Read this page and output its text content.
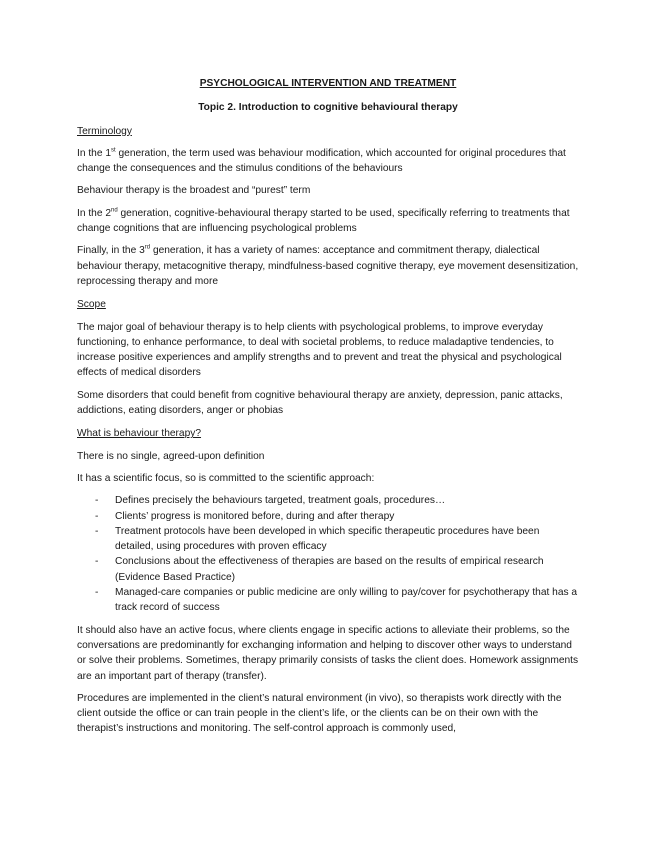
PSYCHOLOGICAL INTERVENTION AND TREATMENT
Topic 2. Introduction to cognitive behavioural therapy
Terminology

In the 1st generation, the term used was behaviour modification, which accounted for original procedures that change the consequences and the stimulus conditions of the behaviours

Behaviour therapy is the broadest and “purest” term

In the 2nd generation, cognitive-behavioural therapy started to be used, specifically referring to treatments that change cognitions that are influencing psychological problems

Finally, in the 3rd generation, it has a variety of names: acceptance and commitment therapy, dialectical behaviour therapy, metacognitive therapy, mindfulness-based cognitive therapy, eye movement desensitization, reprocessing therapy and more

Scope

The major goal of behaviour therapy is to help clients with psychological problems, to improve everyday functioning, to enhance performance, to deal with societal problems, to reduce maladaptive tendencies, to increase positive experiences and amplify strengths and to prevent and treat the physical and psychological effects of medical disorders

Some disorders that could benefit from cognitive behavioural therapy are anxiety, depression, panic attacks, addictions, eating disorders, anger or phobias

What is behaviour therapy?

There is no single, agreed-upon definition

It has a scientific focus, so is committed to the scientific approach:

- Defines precisely the behaviours targeted, treatment goals, procedures…
- Clients’ progress is monitored before, during and after therapy
- Treatment protocols have been developed in which specific therapeutic procedures have been detailed, using procedures with proven efficacy
- Conclusions about the effectiveness of therapies are based on the results of empirical research (Evidence Based Practice)
- Managed-care companies or public medicine are only willing to pay/cover for psychotherapy that has a track record of success

It should also have an active focus, where clients engage in specific actions to alleviate their problems, so the conversations are predominantly for exchanging information and helping to discover other ways to understand or solve their problems. Sometimes, therapy primarily consists of tasks the client does. Homework assignments are an important part of therapy (transfer).

Procedures are implemented in the client’s natural environment (in vivo), so therapists work directly with the client outside the office or can train people in the client’s life, or the clients can be on their own with the therapist’s instructions and monitoring. The self-control approach is commonly used,
